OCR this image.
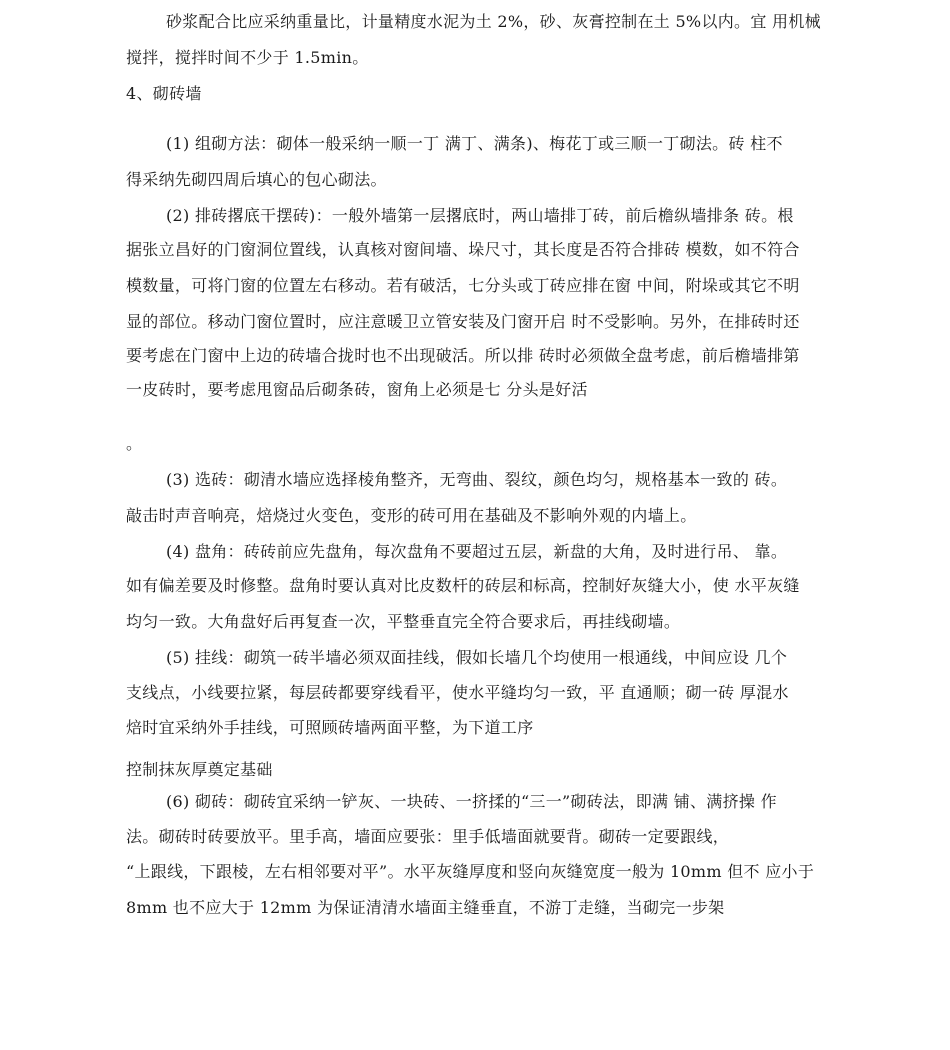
砂浆配合比应采纳重量比，计量精度水泥为土 2%，砂、灰膏控制在土 5%以内。宜 用机械
搅拌，搅拌时间不少于 1.5min。
4、砌砖墙
(1) 组砌方法：砌体一般采纳一顺一丁 满丁、满条)、梅花丁或三顺一丁砌法。砖 柱不
得采纳先砌四周后填心的包心砌法。
(2) 排砖撂底干摆砖)：一般外墙第一层撂底时，两山墙排丁砖，前后檐纵墙排条 砖。根
据张立昌好的门窗洞位置线，认真核对窗间墙、垛尺寸，其长度是否符合排砖 模数，如不符合
模数量，可将门窗的位置左右移动。若有破活，七分头或丁砖应排在窗 中间，附垛或其它不明
显的部位。移动门窗位置时，应注意暖卫立管安装及门窗开启 时不受影响。另外，在排砖时还
要考虑在门窗中上边的砖墙合拢时也不出现破活。所以排 砖时必须做全盘考虑，前后檐墙排第
一皮砖时，要考虑甩窗品后砌条砖，窗角上必须是七 分头是好活
。
(3) 选砖：砌清水墙应选择棱角整齐，无弯曲、裂纹，颜色均匀，规格基本一致的 砖。
敲击时声音响亮，焙烧过火变色，变形的砖可用在基础及不影响外观的内墙上。
(4) 盘角：砖砖前应先盘角，每次盘角不要超过五层，新盘的大角，及时进行吊、 靠。
如有偏差要及时修整。盘角时要认真对比皮数杆的砖层和标高，控制好灰缝大小，使 水平灰缝
均匀一致。大角盘好后再复查一次，平整垂直完全符合要求后，再挂线砌墙。
(5) 挂线：砌筑一砖半墙必须双面挂线，假如长墙几个均使用一根通线，中间应设 几个
支线点，小线要拉紧，每层砖都要穿线看平，使水平缝均匀一致，平 直通顺；砌一砖 厚混水
焙时宜采纳外手挂线，可照顾砖墙两面平整，为下道工序
控制抹灰厚奠定基础
(6) 砌砖：砌砖宜采纳一铲灰、一块砖、一挤揉的“三一”砌砖法，即满 铺、满挤操 作
法。砌砖时砖要放平。里手高，墙面应要张：里手低墙面就要背。砌砖一定要跟线，
“上跟线，下跟棱，左右相邻要对平”。水平灰缝厚度和竖向灰缝宽度一般为 10mm 但不 应小于
8mm 也不应大于 12mm 为保证清清水墙面主缝垂直，不游丁走缝，当砌完一步架
